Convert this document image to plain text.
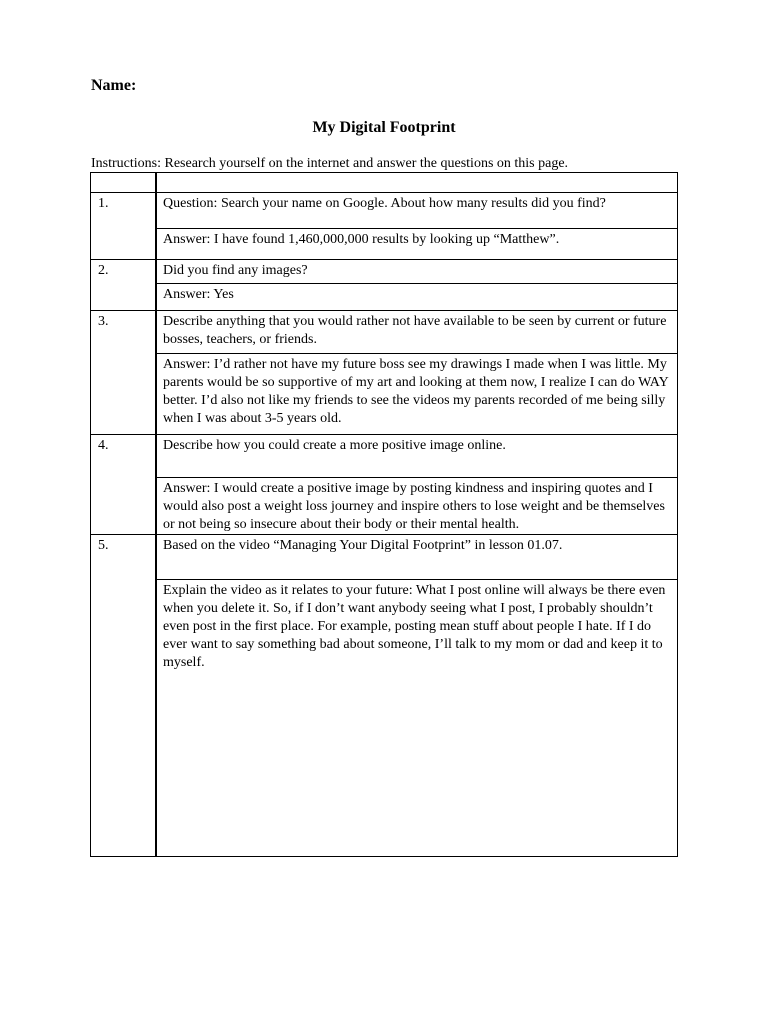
Name:
My Digital Footprint
Instructions: Research yourself on the internet and answer the questions on this page.

1.	Question: Search your name on Google. About how many results did you find?
	Answer: I have found 1,460,000,000 results by looking up “Matthew”.
2.	Did you find any images?
	Answer: Yes
3.	Describe anything that you would rather not have available to be seen by current or future bosses, teachers, or friends.
	Answer: I’d rather not have my future boss see my drawings I made when I was little. My parents would be so supportive of my art and looking at them now, I realize I can do WAY better. I’d also not like my friends to see the videos my parents recorded of me being silly when I was about 3-5 years old.
4.	Describe how you could create a more positive image online.
	Answer: I would create a positive image by posting kindness and inspiring quotes and I would also post a weight loss journey and inspire others to lose weight and be themselves or not being so insecure about their body or their mental health.
5.	Based on the video “Managing Your Digital Footprint” in lesson 01.07.
	Explain the video as it relates to your future: What I post online will always be there even when you delete it. So, if I don’t want anybody seeing what I post, I probably shouldn’t even post in the first place. For example, posting mean stuff about people I hate. If I do ever want to say something bad about someone, I’ll talk to my mom or dad and keep it to myself.
